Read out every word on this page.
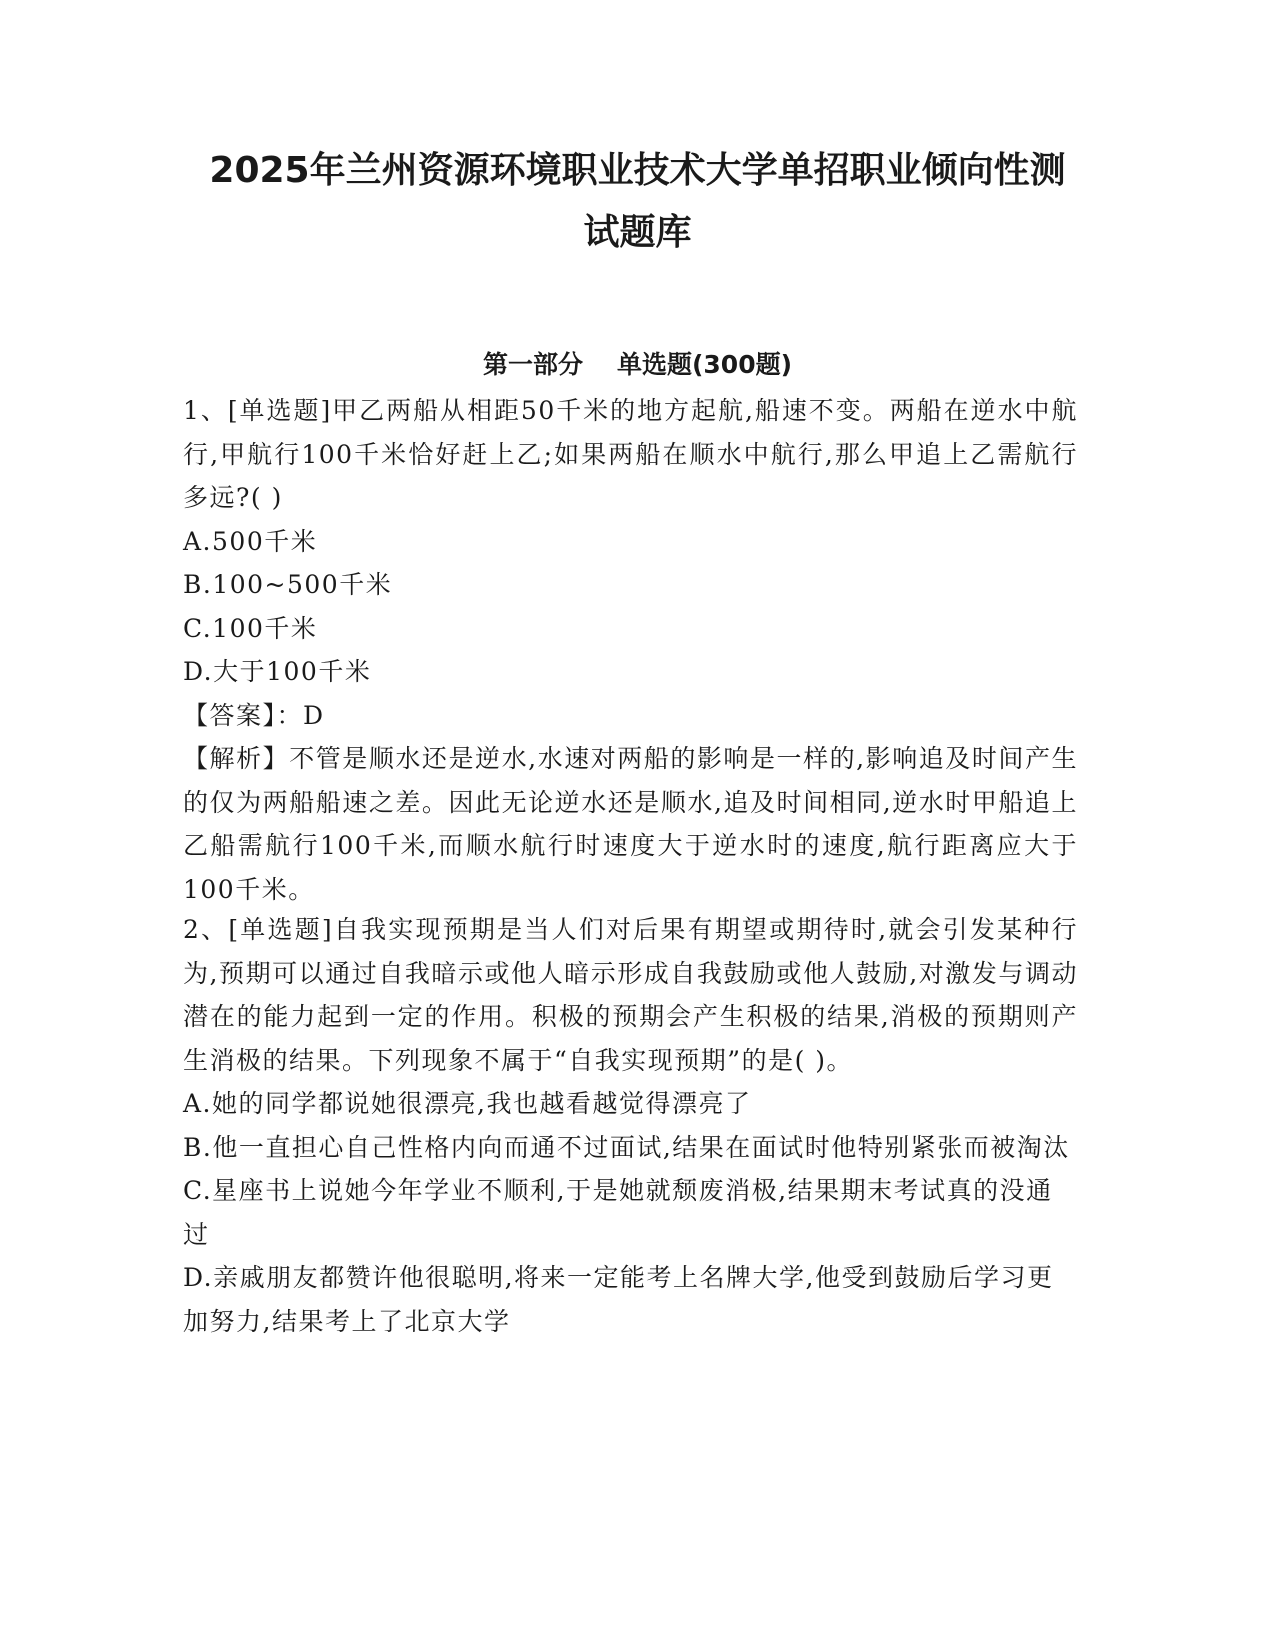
2025年兰州资源环境职业技术大学单招职业倾向性测
试题库
第一部分 单选题(300题)

1、[单选题]甲乙两船从相距50千米的地方起航,船速不变。两船在逆水中航行,甲航行100千米恰好赶上乙;如果两船在顺水中航行,那么甲追上乙需航行多远?( )

A.500千米

B.100~500千米

C.100千米

D.大于100千米

【答案】：D

【解析】不管是顺水还是逆水,水速对两船的影响是一样的,影响追及时间产生的仅为两船船速之差。因此无论逆水还是顺水,追及时间相同,逆水时甲船追上乙船需航行100千米,而顺水航行时速度大于逆水时的速度,航行距离应大于100千米。

2、[单选题]自我实现预期是当人们对后果有期望或期待时,就会引发某种行为,预期可以通过自我暗示或他人暗示形成自我鼓励或他人鼓励,对激发与调动潜在的能力起到一定的作用。积极的预期会产生积极的结果,消极的预期则产生消极的结果。下列现象不属于“自我实现预期”的是( )。

A.她的同学都说她很漂亮,我也越看越觉得漂亮了

B.他一直担心自己性格内向而通不过面试,结果在面试时他特别紧张而被淘汰

C.星座书上说她今年学业不顺利,于是她就颓废消极,结果期末考试真的没通过

D.亲戚朋友都赞许他很聪明,将来一定能考上名牌大学,他受到鼓励后学习更加努力,结果考上了北京大学
